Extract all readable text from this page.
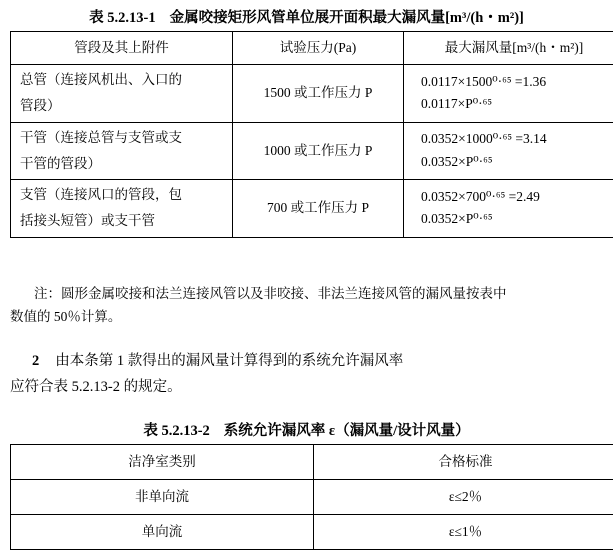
表 5.2.13-1 金属咬接矩形风管单位展开面积最大漏风量[m³/(h・m²)]
管段及其上附件	试验压力(Pa)	最大漏风量[m³/(h・m²)]

总管（连接风机出、入口的
管段）	1500 或工作压力 P	0.0117×1500⁰·⁶⁵ =1.36
0.0117×P⁰·⁶⁵

干管（连接总管与支管或支
干管的管段）	1000 或工作压力 P	0.0352×1000⁰·⁶⁵ =3.14
0.0352×P⁰·⁶⁵

支管（连接风口的管段，包
括接头短管）或支干管	700 或工作压力 P	0.0352×700⁰·⁶⁵ =2.49
0.0352×P⁰·⁶⁵
注：圆形金属咬接和法兰连接风管以及非咬接、非法兰连接风管的漏风量按表中
数值的 50％计算。
2 由本条第 1 款得出的漏风量计算得到的系统允许漏风率
应符合表 5.2.13-2 的规定。
表 5.2.13-2 系统允许漏风率 ε（漏风量/设计风量）
洁净室类别	合格标准
非单向流	ε≤2％
单向流	ε≤1％
